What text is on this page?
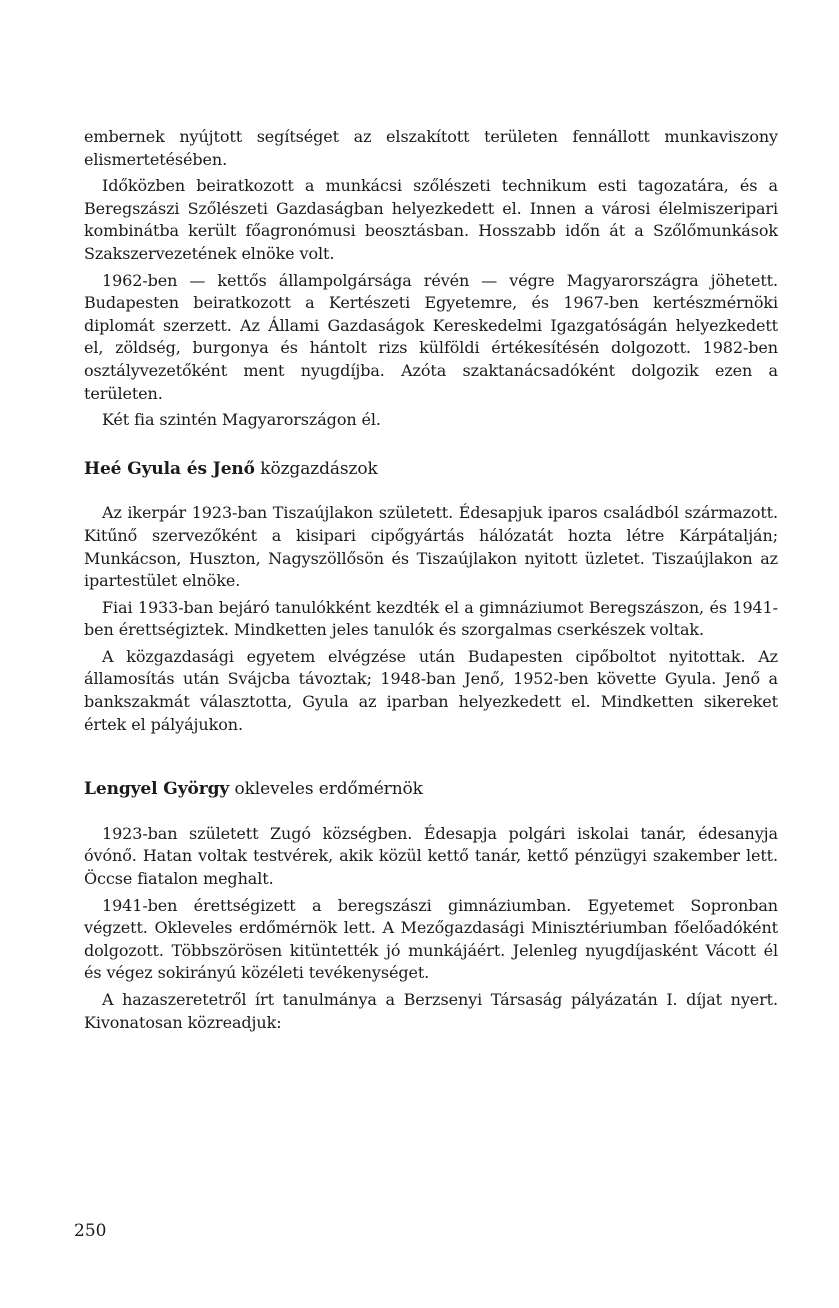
embernek nyújtott segítséget az elszakított területen fennállott munkaviszony elismertetésében.

Időközben beiratkozott a munkácsi szőlészeti technikum esti tagozatára, és a Beregszászi Szőlészeti Gazdaságban helyezkedett el. Innen a városi élelmiszeripari kombinátba került főagronómusi beosztásban. Hosszabb időn át a Szőlőmunkások Szakszervezetének elnöke volt.

1962-ben — kettős állampolgársága révén — végre Magyarországra jöhetett. Budapesten beiratkozott a Kertészeti Egyetemre, és 1967-ben kertészmérnöki diplomát szerzett. Az Állami Gazdaságok Kereskedelmi Igazgatóságán helyezkedett el, zöldség, burgonya és hántolt rizs külföldi értékesítésén dolgozott. 1982-ben osztályvezetőként ment nyugdíjba. Azóta szaktanácsadóként dolgozik ezen a területen.

Két fia szintén Magyarországon él.

Heé Gyula és Jenő közgazdászok

Az ikerpár 1923-ban Tiszaújlakon született. Édesapjuk iparos családból származott. Kitűnő szervezőként a kisipari cipőgyártás hálózatát hozta létre Kárpátalján; Munkácson, Huszton, Nagyszöllősön és Tiszaújlakon nyitott üzletet. Tiszaújlakon az ipartestület elnöke.

Fiai 1933-ban bejáró tanulókként kezdték el a gimnáziumot Beregszászon, és 1941-ben érettségiztek. Mindketten jeles tanulók és szorgalmas cserkészek voltak.

A közgazdasági egyetem elvégzése után Budapesten cipőboltot nyitottak. Az államosítás után Svájcba távoztak; 1948-ban Jenő, 1952-ben követte Gyula. Jenő a bankszakmát választotta, Gyula az iparban helyezkedett el. Mindketten sikereket értek el pályájukon.

Lengyel György okleveles erdőmérnök

1923-ban született Zugó községben. Édesapja polgári iskolai tanár, édesanyja óvónő. Hatan voltak testvérek, akik közül kettő tanár, kettő pénzügyi szakember lett. Öccse fiatalon meghalt.

1941-ben érettségizett a beregszászi gimnáziumban. Egyetemet Sopronban végzett. Okleveles erdőmérnök lett. A Mezőgazdasági Minisztériumban főelőadóként dolgozott. Többszörösen kitüntették jó munkájáért. Jelenleg nyugdíjasként Vácott él és végez sokirányú közéleti tevékenységet.

A hazaszeretetről írt tanulmánya a Berzsenyi Társaság pályázatán I. díjat nyert. Kivonatosan közreadjuk:

250
